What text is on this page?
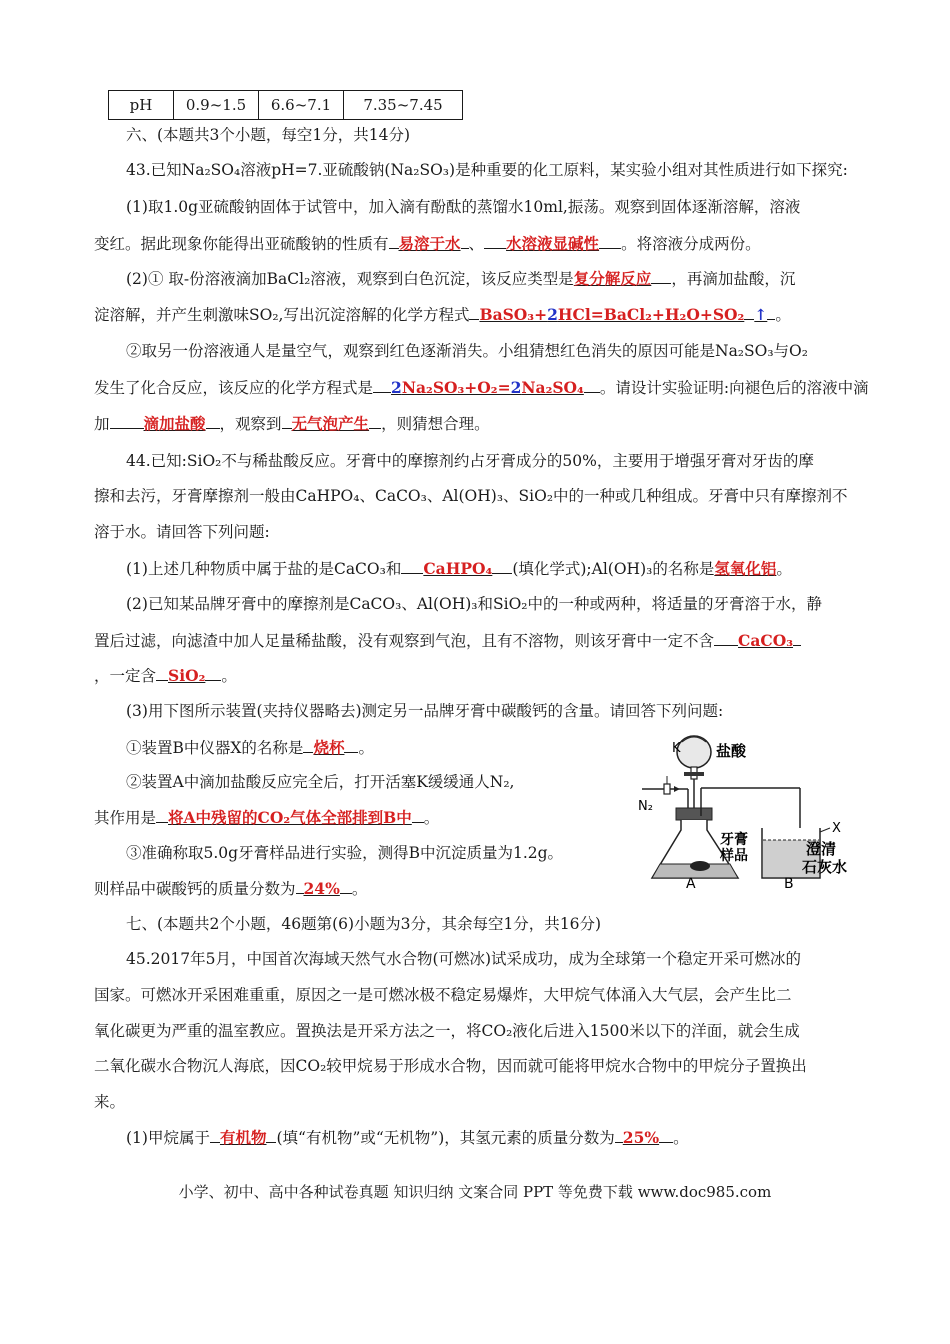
pH	0.9~1.5	6.6~7.1	7.35~7.45
六、(本题共3个小题，每空1分，共14分)
43.已知Na₂SO₄溶液pH=7.亚硫酸钠(Na₂SO₃)是种重要的化工原料，某实验小组对其性质进行如下探究:
(1)取1.0g亚硫酸钠固体于试管中，加入滴有酚酞的蒸馏水10ml,振荡。观察到固体逐渐溶解，溶液
变红。据此现象你能得出亚硫酸钠的性质有 易溶于水 、 水溶液显碱性 。将溶液分成两份。
(2)① 取-份溶液滴加BaCl₂溶液，观察到白色沉淀，该反应类型是复分解反应 ，再滴加盐酸，沉
淀溶解，并产生刺激味SO₂,写出沉淀溶解的化学方程式 BaSO₃+2HCl=BaCl₂+H₂O+SO₂ ↑ 。
②取另一份溶液通人是量空气，观察到红色逐渐消失。小组猜想红色消失的原因可能是Na₂SO₃与O₂
发生了化合反应，该反应的化学方程式是 2Na₂SO₃+O₂=2Na₂SO₄ 。请设计实验证明:向褪色后的溶液中滴
加 滴加盐酸 ，观察到 无气泡产生 ，则猜想合理。
44.已知:SiO₂不与稀盐酸反应。牙膏中的摩擦剂约占牙膏成分的50%，主要用于增强牙膏对牙齿的摩
擦和去污，牙膏摩擦剂一般由CaHPO₄、CaCO₃、Al(OH)₃、SiO₂中的一种或几种组成。牙膏中只有摩擦剂不
溶于水。请回答下列问题:
(1)上述几种物质中属于盐的是CaCO₃和 CaHPO₄ (填化学式);Al(OH)₃的名称是氢氧化铝。
(2)已知某品牌牙膏中的摩擦剂是CaCO₃、Al(OH)₃和SiO₂中的一种或两种，将适量的牙膏溶于水，静
置后过滤，向滤渣中加人足量稀盐酸，没有观察到气泡，且有不溶物，则该牙膏中一定不含 CaCO₃
，一定含 SiO₂ 。
(3)用下图所示装置(夹持仪器略去)测定另一品牌牙膏中碳酸钙的含量。请回答下列问题:
①装置B中仪器X的名称是 烧杯 。
②装置A中滴加盐酸反应完全后，打开活塞K缓缓通人N₂,
其作用是 将A中残留的CO₂气体全部排到B中 。
③准确称取5.0g牙膏样品进行实验，测得B中沉淀质量为1.2g。
则样品中碳酸钙的质量分数为 24% 。
K 盐酸
N₂
牙膏
样品
X
澄清
石灰水
A	B
七、(本题共2个小题，46题第(6)小题为3分，其余每空1分，共16分)
45.2017年5月，中国首次海域天然气水合物(可燃冰)试采成功，成为全球第一个稳定开采可燃冰的
国家。可燃冰开采困难重重，原因之一是可燃冰极不稳定易爆炸，大甲烷气体涌入大气层，会产生比二
氧化碳更为严重的温室教应。置换法是开采方法之一，将CO₂液化后进入1500米以下的洋面，就会生成
二氧化碳水合物沉人海底，因CO₂较甲烷易于形成水合物，因而就可能将甲烷水合物中的甲烷分子置换出
来。
(1)甲烷属于 有机物 (填“有机物”或“无机物”)，其氢元素的质量分数为 25% 。
小学、初中、高中各种试卷真题 知识归纳 文案合同 PPT 等免费下载 www.doc985.com
